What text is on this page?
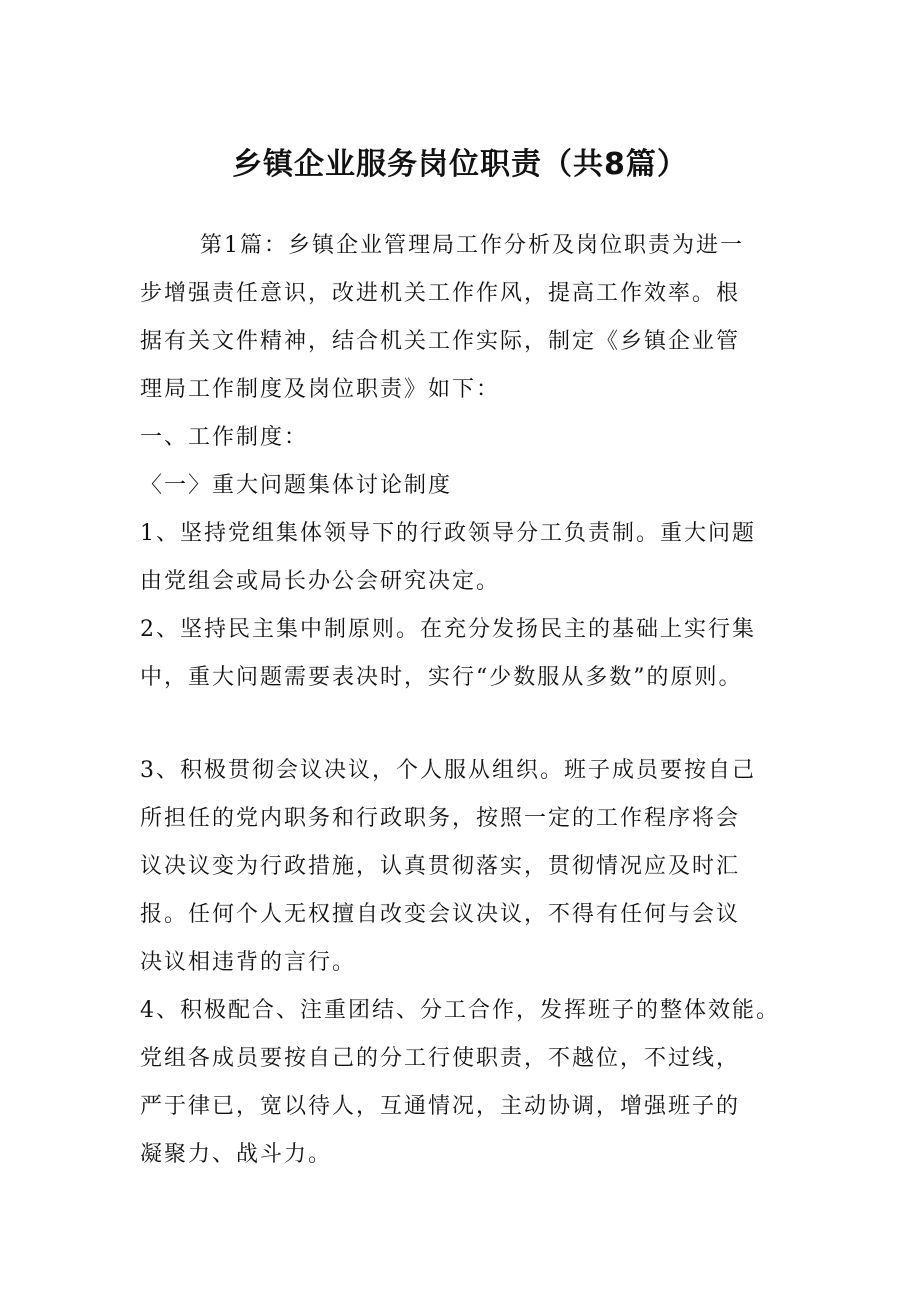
乡镇企业服务岗位职责（共8篇）
第1篇：乡镇企业管理局工作分析及岗位职责为进一
步增强责任意识，改进机关工作作风，提高工作效率。根
据有关文件精神，结合机关工作实际，制定《乡镇企业管
理局工作制度及岗位职责》如下：
一、工作制度：
〈一〉重大问题集体讨论制度
1、坚持党组集体领导下的行政领导分工负责制。重大问题
由党组会或局长办公会研究决定。
2、坚持民主集中制原则。在充分发扬民主的基础上实行集
中，重大问题需要表决时，实行“少数服从多数”的原则。
3、积极贯彻会议决议，个人服从组织。班子成员要按自己
所担任的党内职务和行政职务，按照一定的工作程序将会
议决议变为行政措施，认真贯彻落实，贯彻情况应及时汇
报。任何个人无权擅自改变会议决议，不得有任何与会议
决议相违背的言行。
4、积极配合、注重团结、分工合作，发挥班子的整体效能。
党组各成员要按自己的分工行使职责，不越位，不过线，
严于律已，宽以待人，互通情况，主动协调，增强班子的
凝聚力、战斗力。
